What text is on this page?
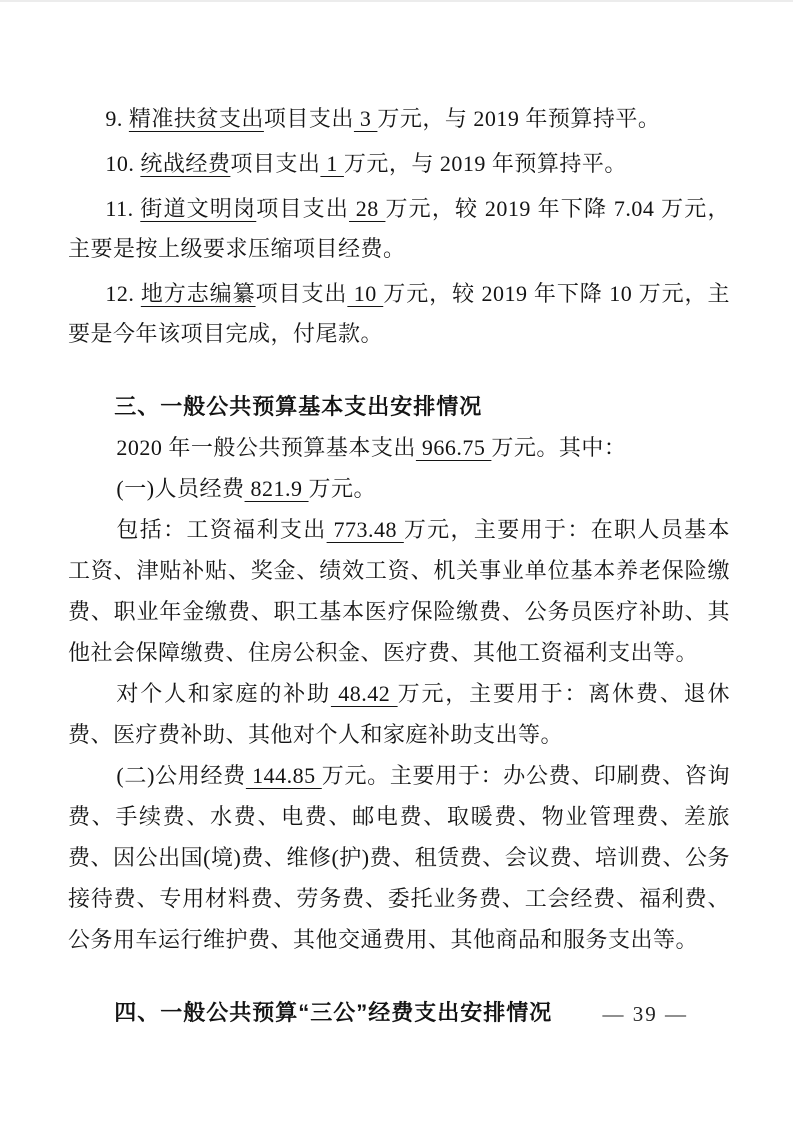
9. 精准扶贫支出项目支出 3 万元，与 2019 年预算持平。

10. 统战经费项目支出 1 万元，与 2019 年预算持平。

11. 街道文明岗项目支出 28 万元，较 2019 年下降 7.04 万元，主要是按上级要求压缩项目经费。

12. 地方志编纂项目支出 10 万元，较 2019 年下降 10 万元，主要是今年该项目完成，付尾款。

三、一般公共预算基本支出安排情况

2020 年一般公共预算基本支出 966.75 万元。其中：

(一)人员经费 821.9 万元。

包括：工资福利支出 773.48 万元，主要用于：在职人员基本工资、津贴补贴、奖金、绩效工资、机关事业单位基本养老保险缴费、职业年金缴费、职工基本医疗保险缴费、公务员医疗补助、其他社会保障缴费、住房公积金、医疗费、其他工资福利支出等。

对个人和家庭的补助 48.42 万元，主要用于：离休费、退休费、医疗费补助、其他对个人和家庭补助支出等。

(二)公用经费 144.85 万元。主要用于：办公费、印刷费、咨询费、手续费、水费、电费、邮电费、取暖费、物业管理费、差旅费、因公出国(境)费、维修(护)费、租赁费、会议费、培训费、公务接待费、专用材料费、劳务费、委托业务费、工会经费、福利费、公务用车运行维护费、其他交通费用、其他商品和服务支出等。

四、一般公共预算“三公”经费支出安排情况	— 39 —
